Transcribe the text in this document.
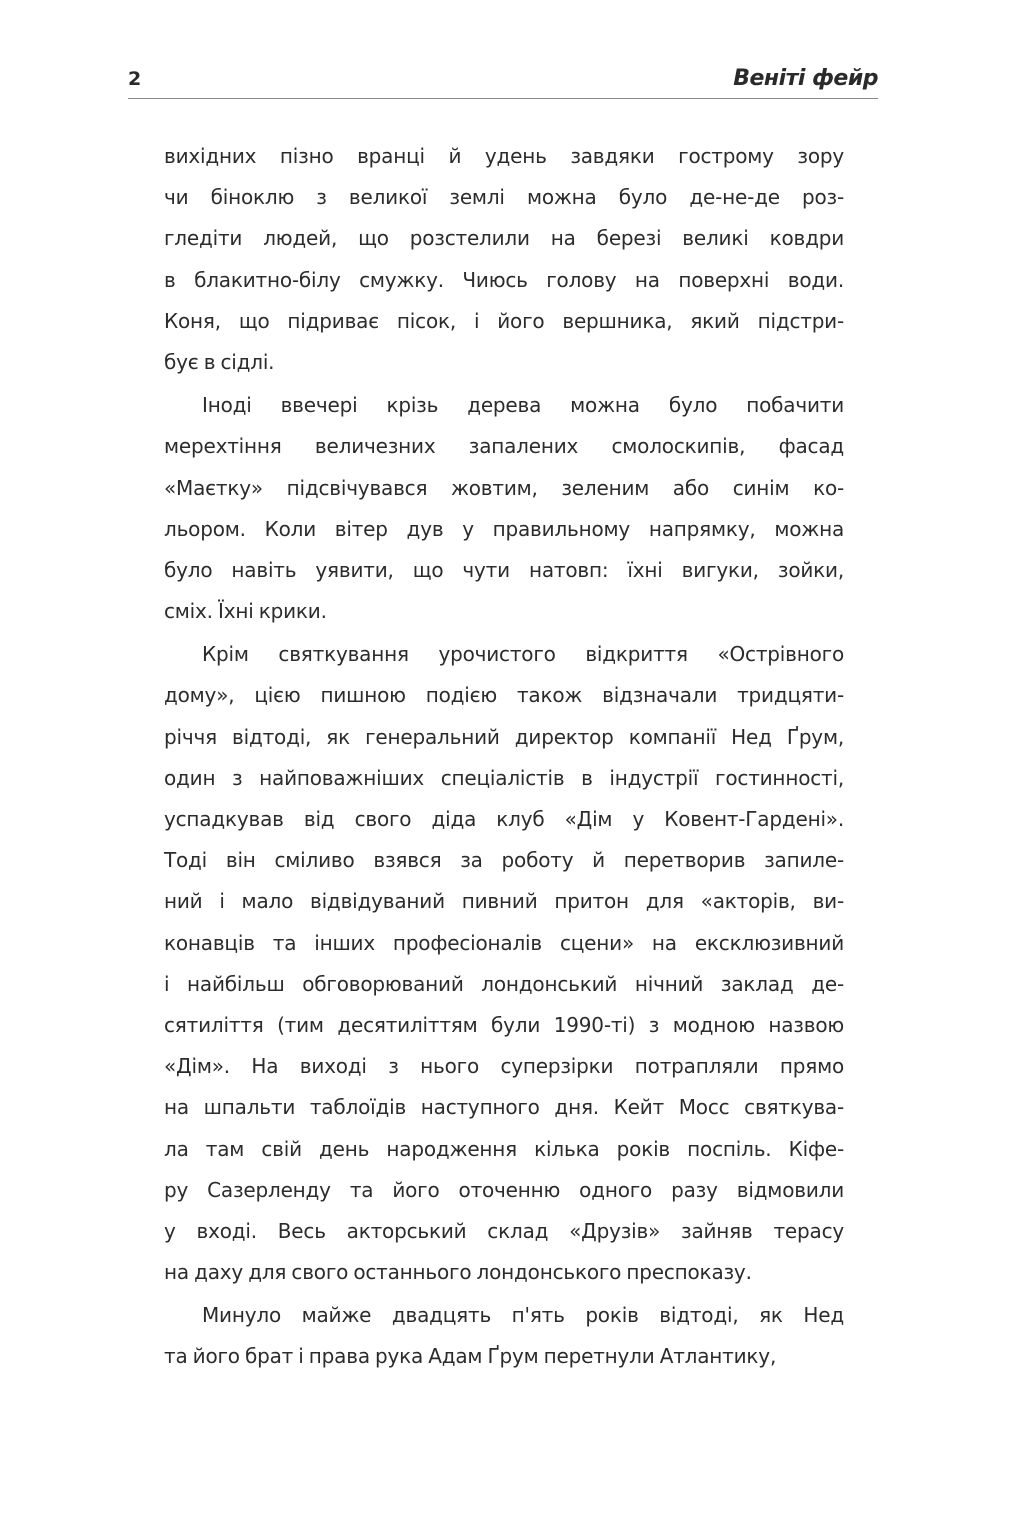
2	Веніті фейр
вихідних пізно вранці й удень завдяки гострому зору
чи біноклю з великої землі можна було де-не-де роз-
гледіти людей, що розстелили на березі великі ковдри
в блакитно-білу смужку. Чиюсь голову на поверхні води.
Коня, що підриває пісок, і його вершника, який підстри-
бує в сідлі.
Іноді ввечері крізь дерева можна було побачити
мерехтіння величезних запалених смолоскипів, фасад
«Маєтку» підсвічувався жовтим, зеленим або синім ко-
льором. Коли вітер дув у правильному напрямку, можна
було навіть уявити, що чути натовп: їхні вигуки, зойки,
сміх. Їхні крики.
Крім святкування урочистого відкриття «Острівного
дому», цією пишною подією також відзначали тридцяти-
річчя відтоді, як генеральний директор компанії Нед Ґрум,
один з найповажніших спеціалістів в індустрії гостинності,
успадкував від свого діда клуб «Дім у Ковент-Гардені».
Тоді він сміливо взявся за роботу й перетворив запиле-
ний і мало відвідуваний пивний притон для «акторів, ви-
конавців та інших професіоналів сцени» на ексклюзивний
і найбільш обговорюваний лондонський нічний заклад де-
сятиліття (тим десятиліттям були 1990-ті) з модною назвою
«Дім». На виході з нього суперзірки потрапляли прямо
на шпальти таблоїдів наступного дня. Кейт Мосс святкува-
ла там свій день народження кілька років поспіль. Кіфе-
ру Сазерленду та його оточенню одного разу відмовили
у вході. Весь акторський склад «Друзів» зайняв терасу
на даху для свого останнього лондонського преспоказу.
Минуло майже двадцять п'ять років відтоді, як Нед
та його брат і права рука Адам Ґрум перетнули Атлантику,
